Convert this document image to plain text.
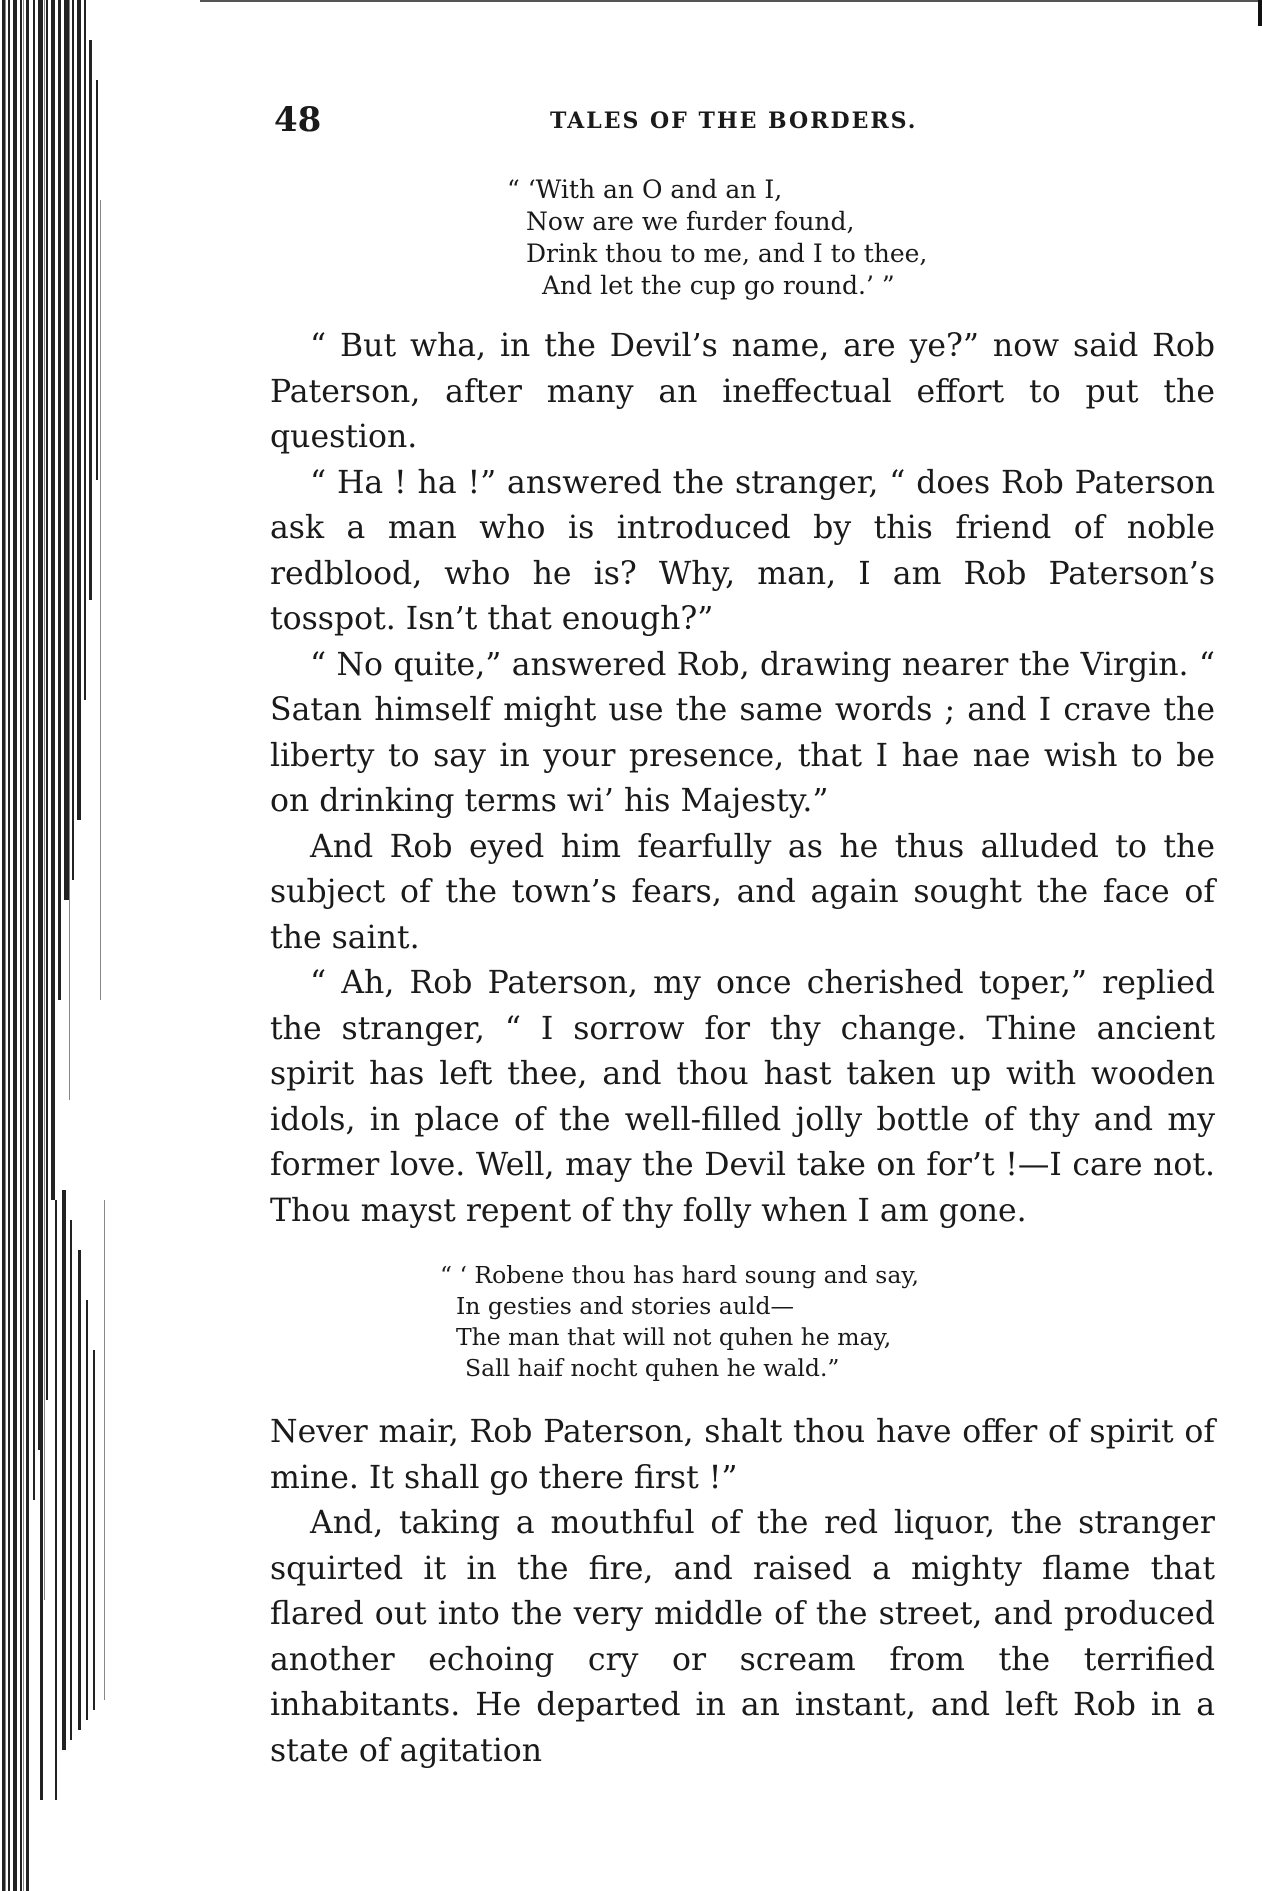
48	TALES OF THE BORDERS.
“ ‘With an O and an I,
Now are we furder found,
Drink thou to me, and I to thee,
And let the cup go round.’ ”

“ But wha, in the Devil’s name, are ye?” now said Rob Paterson, after many an ineffectual effort to put the question.

“ Ha ! ha !” answered the stranger, “ does Rob Paterson ask a man who is introduced by this friend of noble redblood, who he is? Why, man, I am Rob Paterson’s tosspot. Isn’t that enough?”

“ No quite,” answered Rob, drawing nearer the Virgin. “ Satan himself might use the same words ; and I crave the liberty to say in your presence, that I hae nae wish to be on drinking terms wi’ his Majesty.”

And Rob eyed him fearfully as he thus alluded to the subject of the town’s fears, and again sought the face of the saint.

“ Ah, Rob Paterson, my once cherished toper,” replied the stranger, “ I sorrow for thy change. Thine ancient spirit has left thee, and thou hast taken up with wooden idols, in place of the well-filled jolly bottle of thy and my former love. Well, may the Devil take on for’t !—I care not. Thou mayst repent of thy folly when I am gone.

“ ‘ Robene thou has hard soung and say,
In gesties and stories auld—
The man that will not quhen he may,
Sall haif nocht quhen he wald.”

Never mair, Rob Paterson, shalt thou have offer of spirit of mine. It shall go there first !”

And, taking a mouthful of the red liquor, the stranger squirted it in the fire, and raised a mighty flame that flared out into the very middle of the street, and produced another echoing cry or scream from the terrified inhabitants. He departed in an instant, and left Rob in a state of agitation
